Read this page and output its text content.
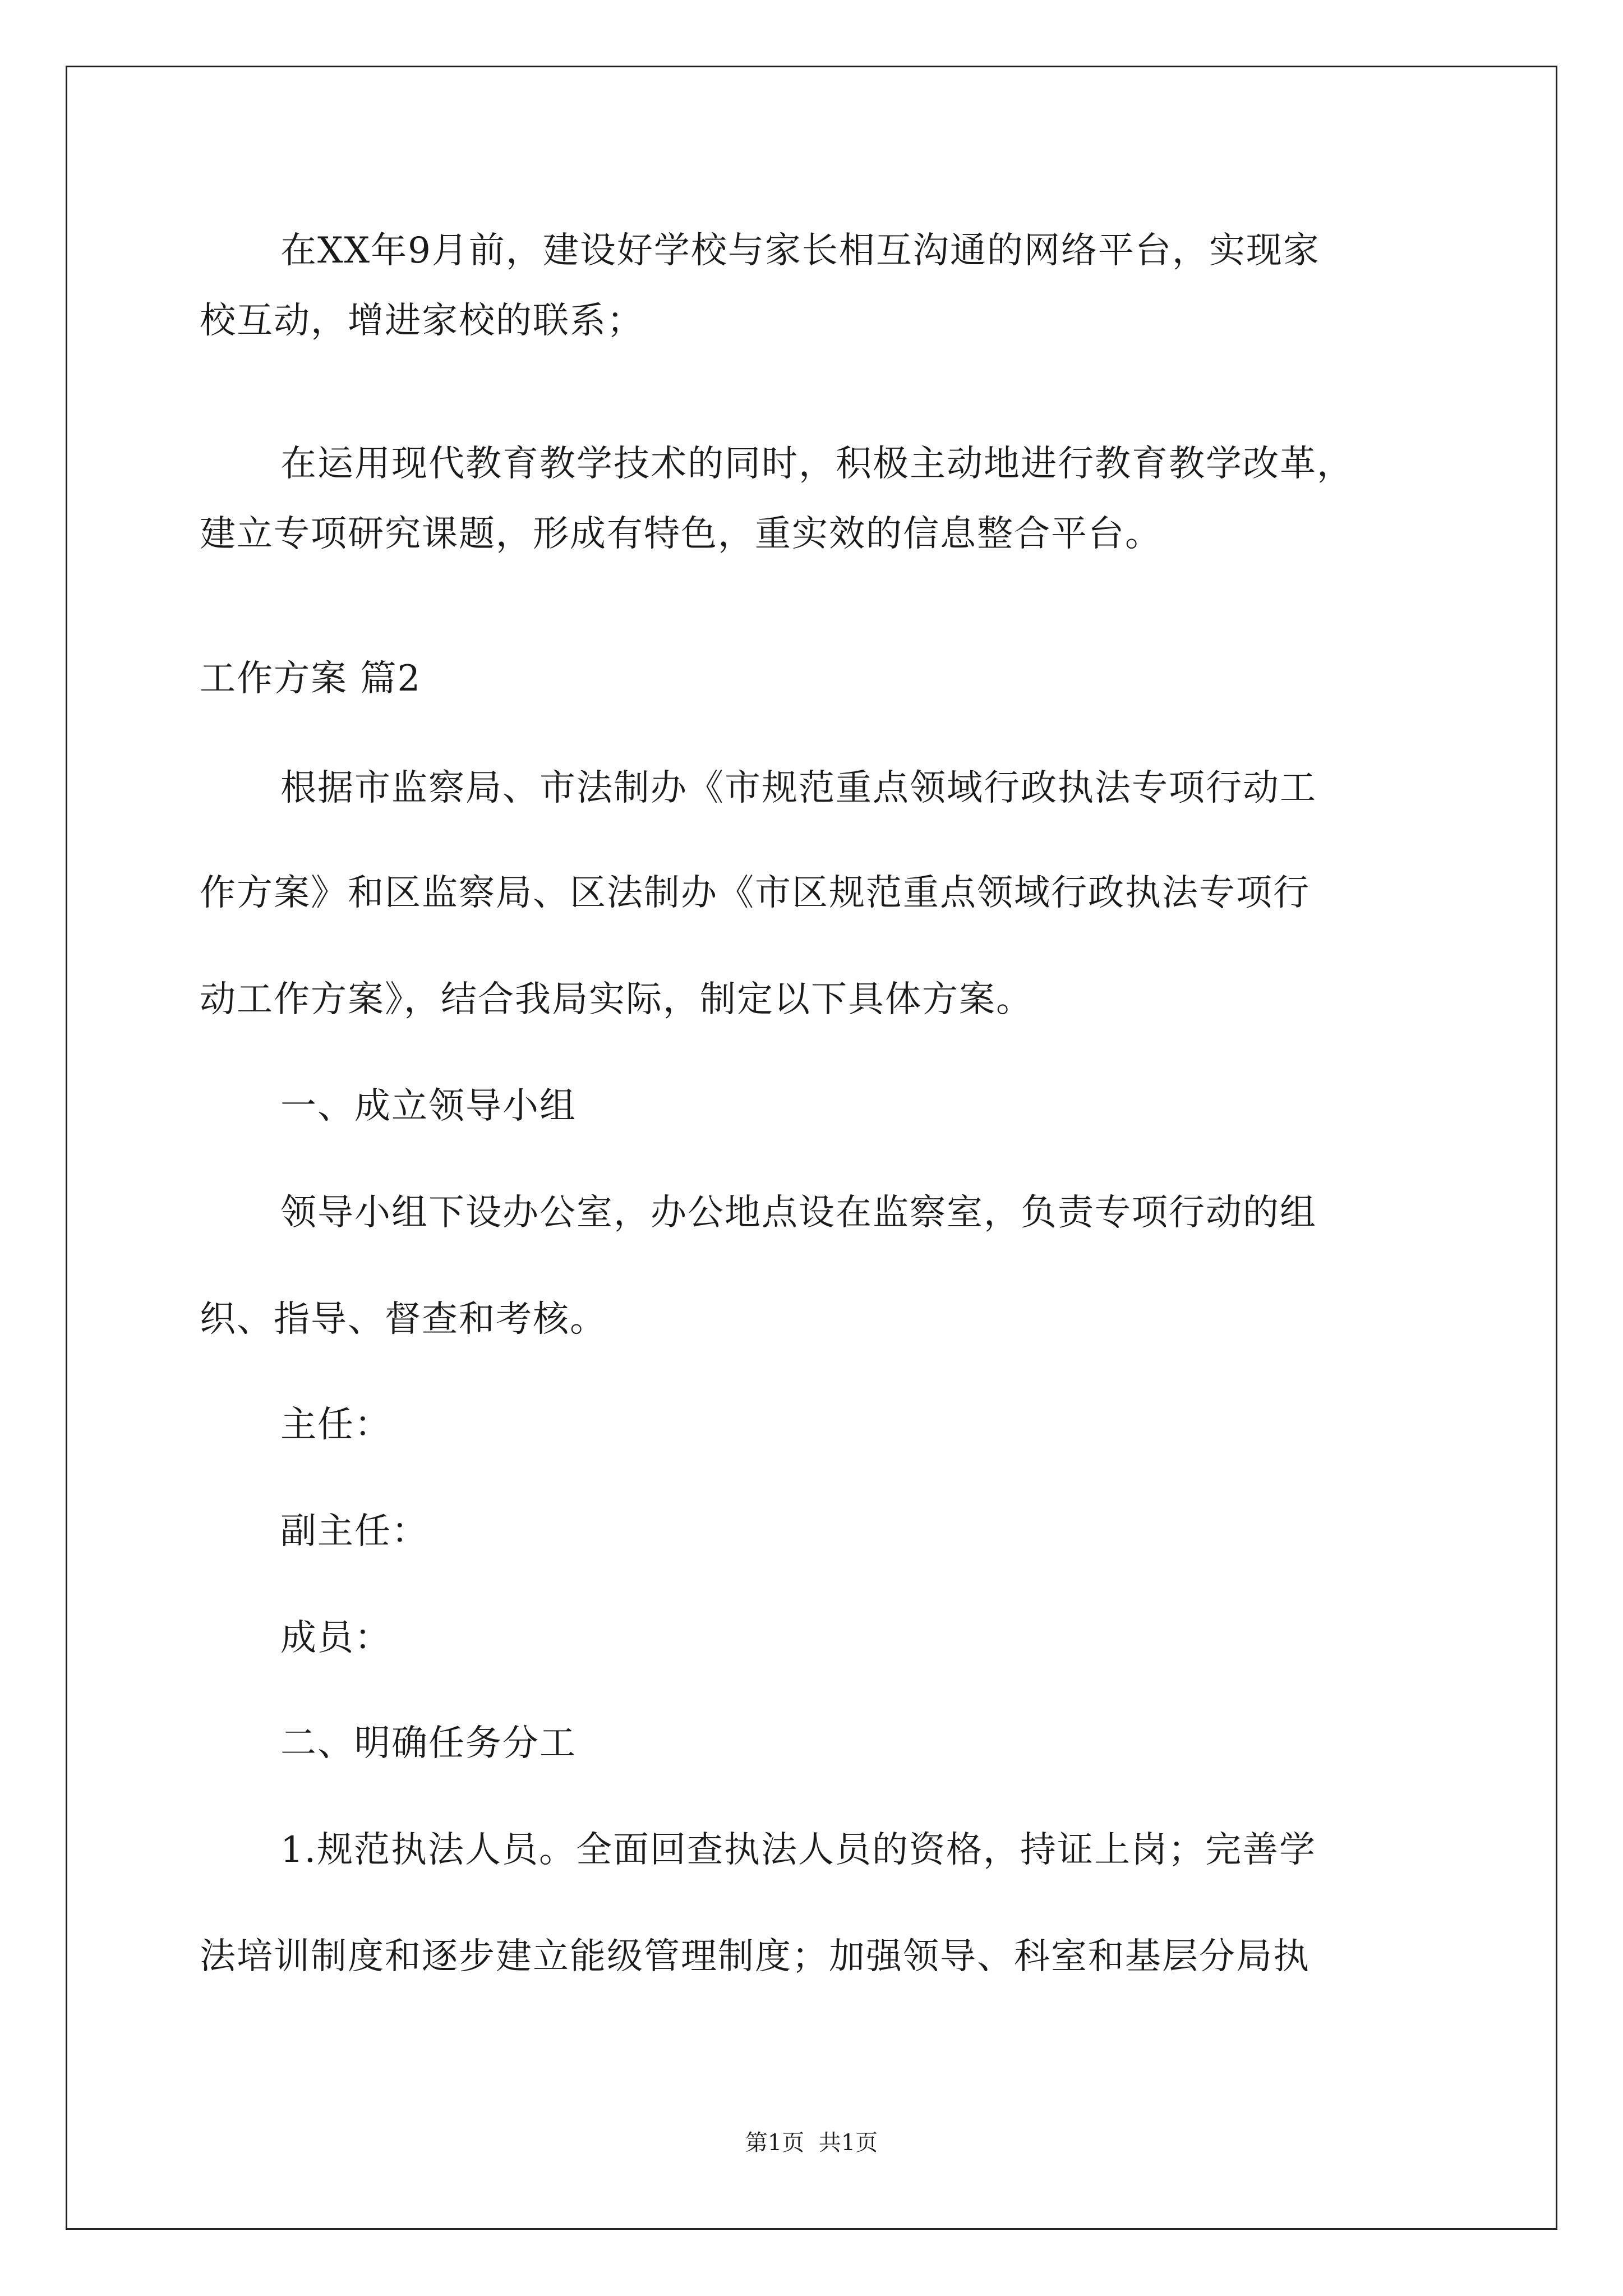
在XX年9月前，建设好学校与家长相互沟通的网络平台，实现家
校互动，增进家校的联系；
在运用现代教育教学技术的同时，积极主动地进行教育教学改革，
建立专项研究课题，形成有特色，重实效的信息整合平台。
工作方案 篇2
根据市监察局、市法制办《市规范重点领域行政执法专项行动工
作方案》和区监察局、区法制办《市区规范重点领域行政执法专项行
动工作方案》，结合我局实际，制定以下具体方案。
一、成立领导小组
领导小组下设办公室，办公地点设在监察室，负责专项行动的组
织、指导、督查和考核。
主任：
副主任：
成员：
二、明确任务分工
1.规范执法人员。全面回查执法人员的资格，持证上岗；完善学
法培训制度和逐步建立能级管理制度；加强领导、科室和基层分局执
第1页  共1页
